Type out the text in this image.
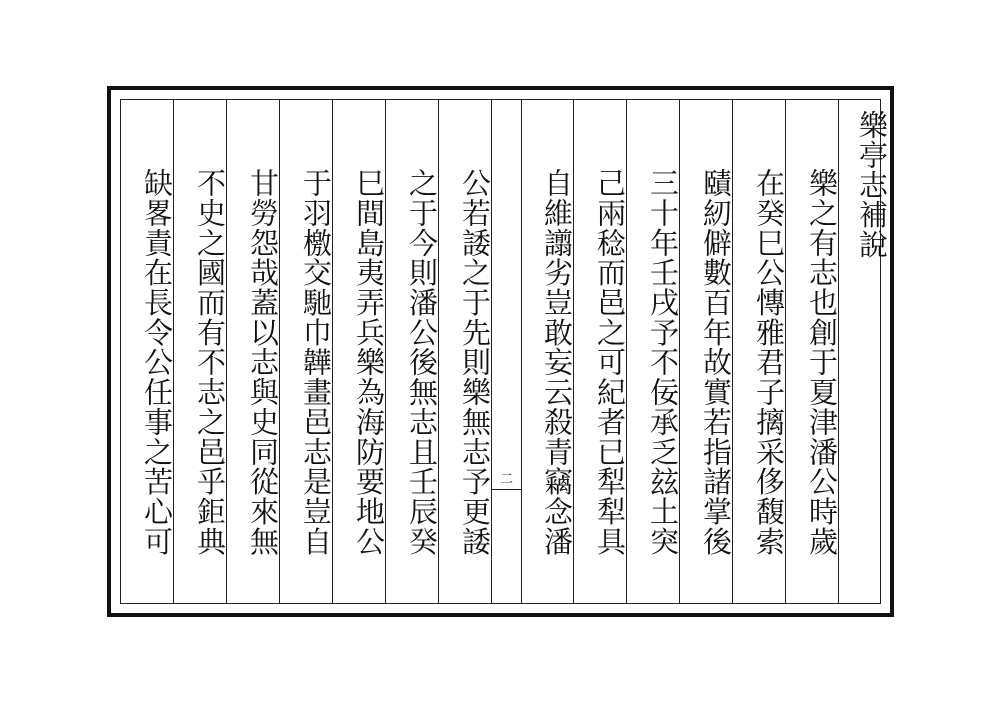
缺畧責在長令公任事之苦心可 不史之國而有不志之邑乎鉅典 甘勞怨哉蓋以志與史同從來無 于羽檄交馳巾韡畫邑志是豈自 巳間島夷弄兵樂為海防要地公 之于今則潘公後無志且壬辰癸 公若諉之于先則樂無志予更諉 二 自維譾劣豈敢妄云殺青竊念潘 己兩稔而邑之可紀者已犁犁具 三十年壬戌予不佞承乏玆土突 賾紉僻數百年故實若指諸掌後 在癸巳公慱雅君子摛采侈馥索 樂之有志也創于夏津潘公時歲 樂亭志補說
